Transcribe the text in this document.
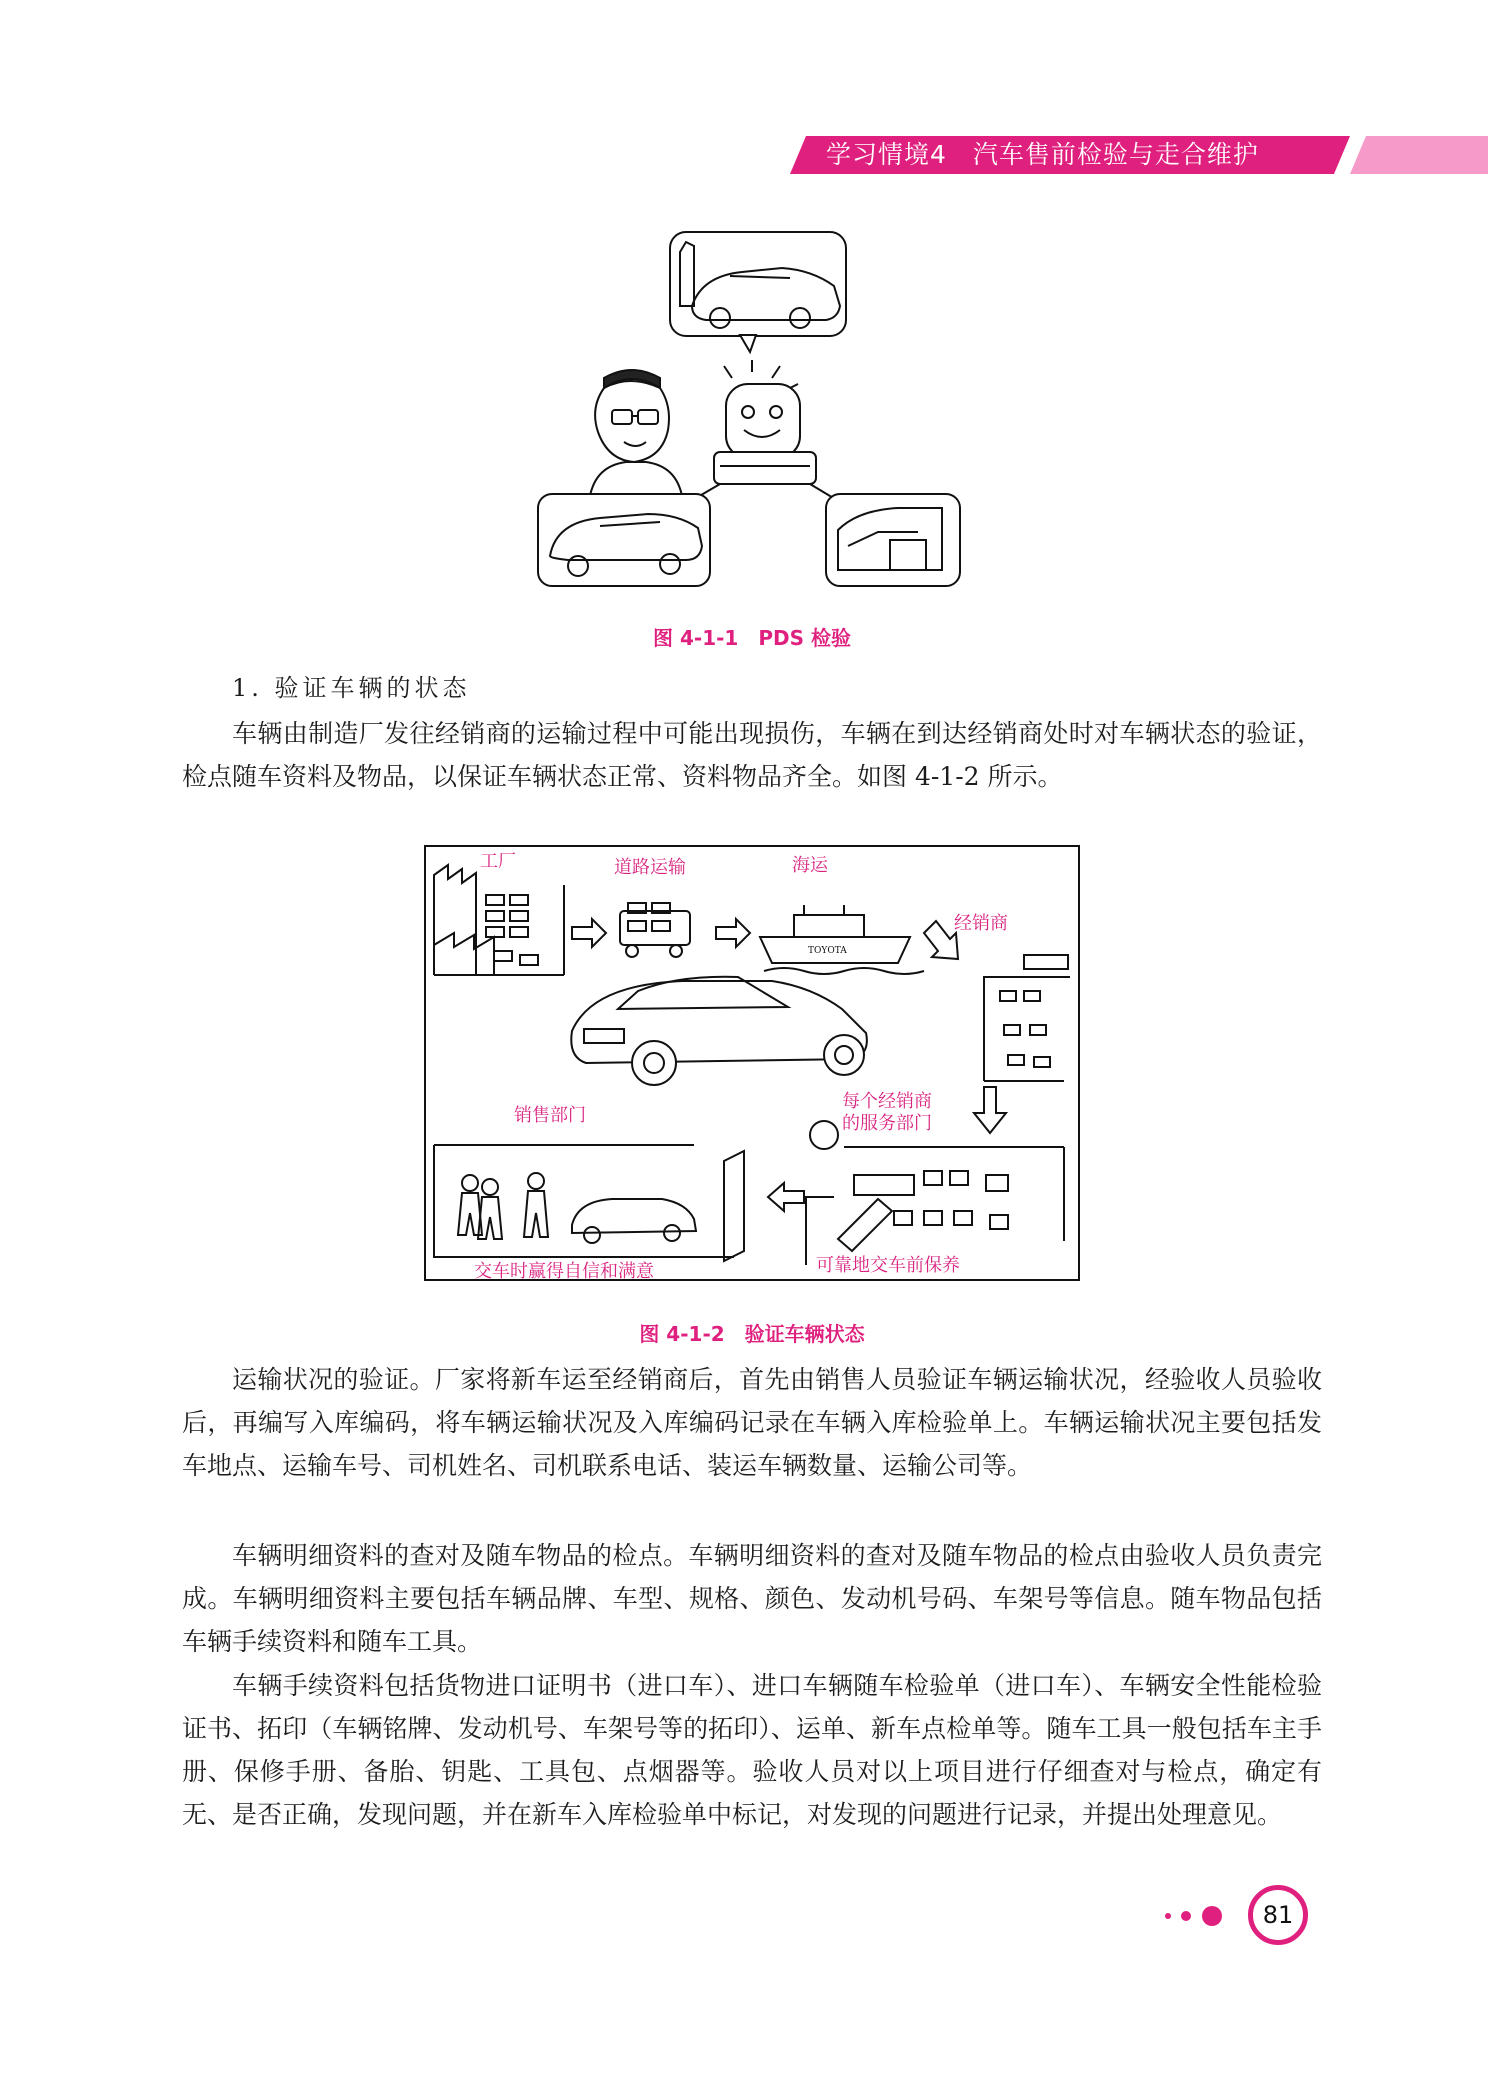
学习情境4　汽车售前检验与走合维护
图 4-1-1　PDS 检验
1. 验证车辆的状态

车辆由制造厂发往经销商的运输过程中可能出现损伤，车辆在到达经销商处时对车辆状态的验证，检点随车资料及物品，以保证车辆状态正常、资料物品齐全。如图 4-1-2 所示。

工厂	道路运输	海运
经销商
TOYOTA
销售部门
每个经销商
的服务部门
交车时赢得自信和满意	可靠地交车前保养
图 4-1-2　验证车辆状态

运输状况的验证。厂家将新车运至经销商后，首先由销售人员验证车辆运输状况，经验收人员验收后，再编写入库编码，将车辆运输状况及入库编码记录在车辆入库检验单上。车辆运输状况主要包括发车地点、运输车号、司机姓名、司机联系电话、装运车辆数量、运输公司等。

车辆明细资料的查对及随车物品的检点。车辆明细资料的查对及随车物品的检点由验收人员负责完成。车辆明细资料主要包括车辆品牌、车型、规格、颜色、发动机号码、车架号等信息。随车物品包括车辆手续资料和随车工具。

车辆手续资料包括货物进口证明书（进口车）、进口车辆随车检验单（进口车）、车辆安全性能检验证书、拓印（车辆铭牌、发动机号、车架号等的拓印）、运单、新车点检单等。随车工具一般包括车主手册、保修手册、备胎、钥匙、工具包、点烟器等。验收人员对以上项目进行仔细查对与检点，确定有无、是否正确，发现问题，并在新车入库检验单中标记，对发现的问题进行记录，并提出处理意见。

81
